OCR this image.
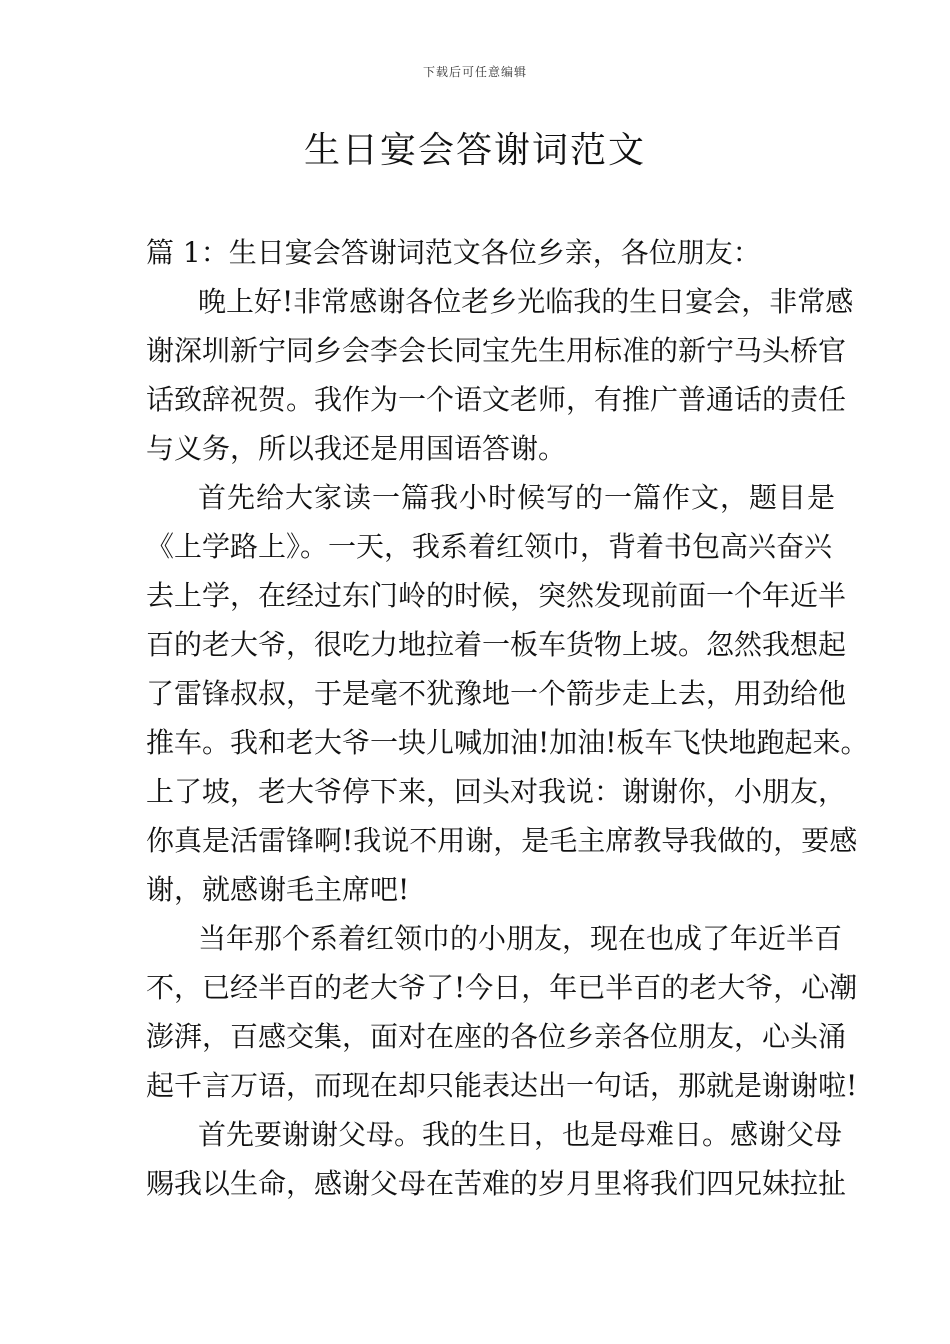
下载后可任意编辑
生日宴会答谢词范文
篇 1：生日宴会答谢词范文 各位乡亲，各位朋友：
晚上好!非常感谢各位老乡光临我的生日宴会，非常感
谢深圳新宁同乡会李会长同宝先生用标准的新宁马头桥官
话致辞祝贺。我作为一个语文老师，有推广普通话的责任
与义务，所以我还是用国语答谢。
首先给大家读一篇我小时候写的一篇作文，题目是
《上学路上》。一天，我系着红领巾，背着书包高兴奋兴
去上学，在经过东门岭的时候，突然发现前面一个年近半
百的老大爷，很吃力地拉着一板车货物上坡。忽然我想起
了雷锋叔叔，于是毫不犹豫地一个箭步走上去，用劲给他
推车。我和老大爷一块儿喊加油!加油!板车飞快地跑起来。
上了坡，老大爷停下来，回头对我说：谢谢你，小朋友，
你真是活雷锋啊!我说不用谢，是毛主席教导我做的，要感
谢，就感谢毛主席吧!
当年那个系着红领巾的小朋友，现在也成了年近半百
不，已经半百的老大爷了!今日，年已半百的老大爷，心潮
澎湃，百感交集，面对在座的各位乡亲各位朋友，心头涌
起千言万语，而现在却只能表达出一句话，那就是谢谢啦!
首先要谢谢父母。我的生日，也是母难日。感谢父母
赐我以生命，感谢父母在苦难的岁月里将我们四兄妹拉扯
